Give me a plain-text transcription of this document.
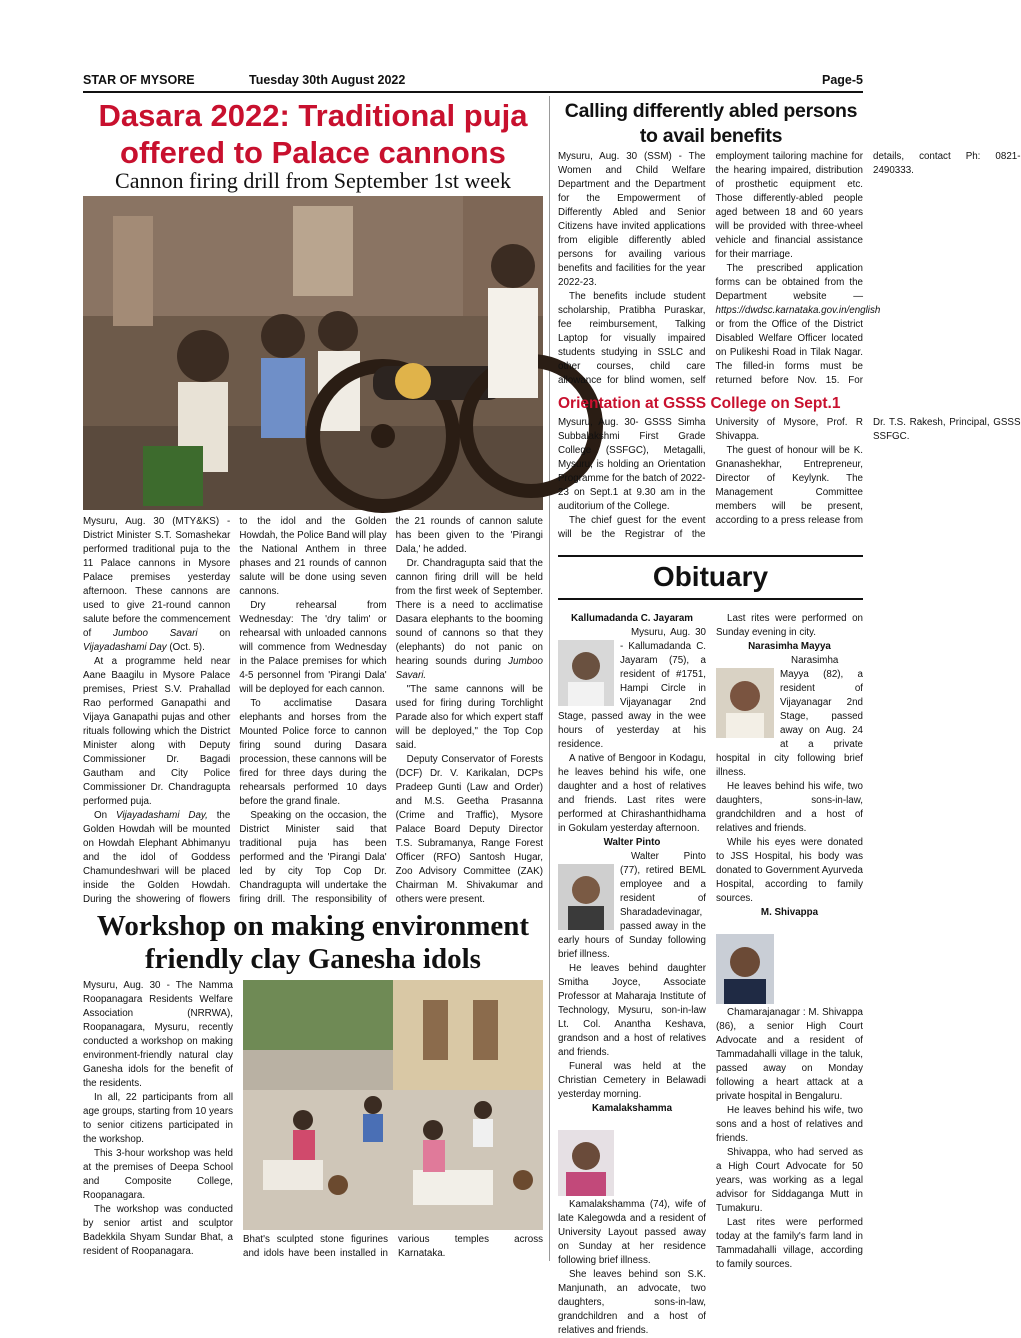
STAR OF MYSORE	Tuesday 30th August 2022	Page-5
Dasara 2022: Traditional puja
offered to Palace cannons
Cannon firing drill from September 1st week

Mysuru, Aug. 30 (MTY&KS) - District Minister S.T. Somashekar performed traditional puja to the 11 Palace cannons in Mysore Palace premises yesterday afternoon. These cannons are used to give 21-round cannon salute before the commencement of Jumboo Savari on Vijayadashami Day (Oct. 5).

At a programme held near Aane Baagilu in Mysore Palace premises, Priest S.V. Prahallad Rao performed Ganapathi and Vijaya Ganapathi pujas and other rituals following which the District Minister along with Deputy Commissioner Dr. Bagadi Gautham and City Police Commissioner Dr. Chandragupta performed puja.

On Vijayadashami Day, the Golden Howdah will be mounted on Howdah Elephant Abhimanyu and the idol of Goddess Chamundeshwari will be placed inside the Golden Howdah. During the showering of flowers to the idol and the Golden Howdah, the Police Band will play the National Anthem in three phases and 21 rounds of cannon salute will be done using seven cannons.

Dry rehearsal from Wednesday: The 'dry talim' or rehearsal with unloaded cannons will commence from Wednesday in the Palace premises for which 4-5 personnel from 'Pirangi Dala' will be deployed for each cannon.

To acclimatise Dasara elephants and horses from the Mounted Police force to cannon firing sound during Dasara procession, these cannons will be fired for three days during the rehearsals performed 10 days before the grand finale.

Speaking on the occasion, the District Minister said that traditional puja has been performed and the 'Pirangi Dala' led by city Top Cop Dr. Chandragupta will undertake the firing drill. The responsibility of the 21 rounds of cannon salute has been given to the 'Pirangi Dala,' he added.

Dr. Chandragupta said that the cannon firing drill will be held from the first week of September. There is a need to acclimatise Dasara elephants to the booming sound of cannons so that they (elephants) do not panic on hearing sounds during Jumboo Savari.

"The same cannons will be used for firing during Torchlight Parade also for which expert staff will be deployed," the Top Cop said.

Deputy Conservator of Forests (DCF) Dr. V. Karikalan, DCPs Pradeep Gunti (Law and Order) and M.S. Geetha Prasanna (Crime and Traffic), Mysore Palace Board Deputy Director T.S. Subramanya, Range Forest Officer (RFO) Santosh Hugar, Zoo Advisory Committee (ZAK) Chairman M. Shivakumar and others were present.

Workshop on making environment
friendly clay Ganesha idols

Mysuru, Aug. 30 - The Namma Roopanagara Residents Welfare Association (NRRWA), Roopanagara, Mysuru, recently conducted a workshop on making environment-friendly natural clay Ganesha idols for the benefit of the residents.

In all, 22 participants from all age groups, starting from 10 years to senior citizens participated in the workshop.

This 3-hour workshop was held at the premises of Deepa School and Composite College, Roopanagara.

The workshop was conducted by senior artist and sculptor Badekkila Shyam Sundar Bhat, a resident of Roopanagara.

Bhat's sculpted stone figurines and idols have been installed in various temples across Karnataka.

Calling differently abled persons
to avail benefits

Mysuru, Aug. 30 (SSM) - The Women and Child Welfare Department and the Department for the Empowerment of Differently Abled and Senior Citizens have invited applications from eligible differently abled persons for availing various benefits and facilities for the year 2022-23.

The benefits include student scholarship, Pratibha Puraskar, fee reimbursement, Talking Laptop for visually impaired students studying in SSLC and other courses, child care allowance for blind women, self employment tailoring machine for the hearing impaired, distribution of prosthetic equipment etc. Those differently-abled people aged between 18 and 60 years will be provided with three-wheel vehicle and financial assistance for their marriage.

The prescribed application forms can be obtained from the Department website — https://dwdsc.karnataka.gov.in/english or from the Office of the District Disabled Welfare Officer located on Pulikeshi Road in Tilak Nagar. The filled-in forms must be returned before Nov. 15. For details, contact Ph: 0821-2490333.

Orientation at GSSS College on Sept.1

Mysuru, Aug. 30- GSSS Simha Subbalakshmi First Grade College (SSFGC), Metagalli, Mysuru, is holding an Orientation Programme for the batch of 2022-23 on Sept.1 at 9.30 am in the auditorium of the College.

The chief guest for the event will be the Registrar of the University of Mysore, Prof. R Shivappa.

The guest of honour will be K. Gnanashekhar, Entrepreneur, Director of Keylynk. The Management Committee members will be present, according to a press release from Dr. T.S. Rakesh, Principal, GSSS SSFGC.

Obituary

Kallumadanda C. Jayaram

Mysuru, Aug. 30 - Kallumadanda C. Jayaram (75), a resident of #1751, Hampi Circle in Vijayanagar 2nd Stage, passed away in the wee hours of yesterday at his residence.

A native of Bengoor in Kodagu, he leaves behind his wife, one daughter and a host of relatives and friends. Last rites were performed at Chirashanthidhama in Gokulam yesterday afternoon.

Walter Pinto

Walter Pinto (77), retired BEML employee and a resident of Sharadadevinagar, passed away in the early hours of Sunday following brief illness.

He leaves behind daughter Smitha Joyce, Associate Professor at Maharaja Institute of Technology, Mysuru, son-in-law Lt. Col. Anantha Keshava, grandson and a host of relatives and friends.

Funeral was held at the Christian Cemetery in Belawadi yesterday morning.

Kamalakshamma

Kamalakshamma (74), wife of late Kalegowda and a resident of University Layout passed away on Sunday at her residence following brief illness.

She leaves behind son S.K. Manjunath, an advocate, two daughters, sons-in-law, grandchildren and a host of relatives and friends.

Last rites were performed on Sunday evening in city.

Narasimha Mayya

Narasimha Mayya (82), a resident of Vijayanagar 2nd Stage, passed away on Aug. 24 at a private hospital in city following brief illness.

He leaves behind his wife, two daughters, sons-in-law, grandchildren and a host of relatives and friends.

While his eyes were donated to JSS Hospital, his body was donated to Government Ayurveda Hospital, according to family sources.

M. Shivappa

Chamarajanagar : M. Shivappa (86), a senior High Court Advocate and a resident of Tammadahalli village in the taluk, passed away on Monday following a heart attack at a private hospital in Bengaluru.

He leaves behind his wife, two sons and a host of relatives and friends.

Shivappa, who had served as a High Court Advocate for 50 years, was working as a legal advisor for Siddaganga Mutt in Tumakuru.

Last rites were performed today at the family's farm land in Tammadahalli village, according to family sources.
